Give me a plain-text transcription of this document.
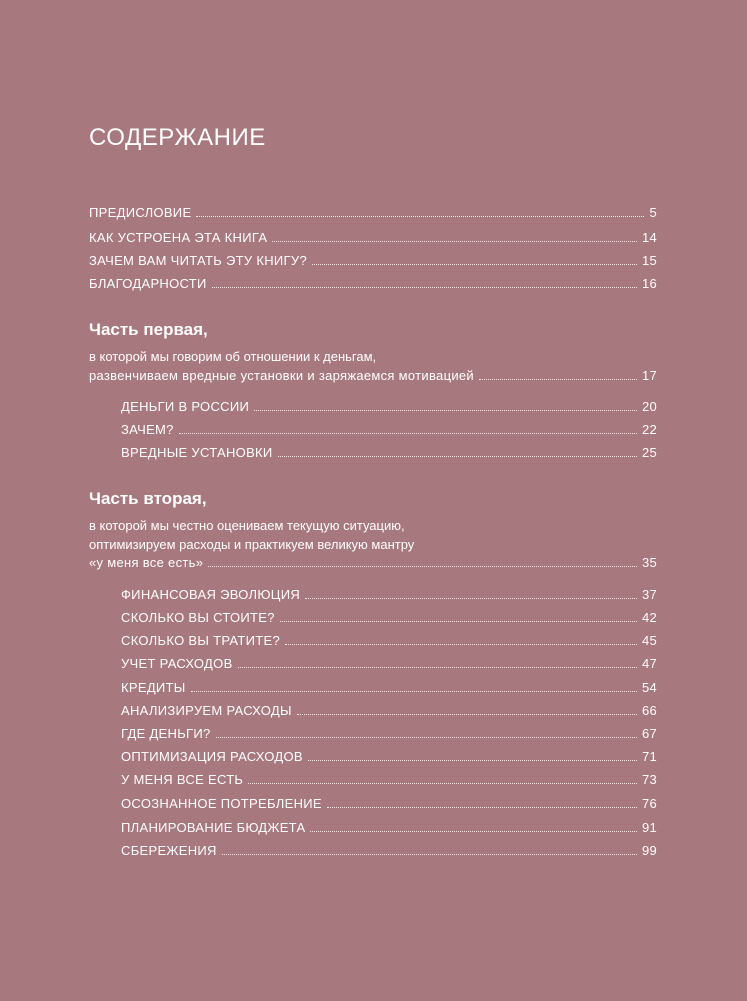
СОДЕРЖАНИЕ
ПРЕДИСЛОВИЕ	5
КАК УСТРОЕНА ЭТА КНИГА	14
ЗАЧЕМ ВАМ ЧИТАТЬ ЭТУ КНИГУ?	15
БЛАГОДАРНОСТИ	16
Часть первая,

в которой мы говорим об отношении к деньгам,

развенчиваем вредные установки и заряжаемся мотивацией	17
ДЕНЬГИ В РОССИИ	20
ЗАЧЕМ?	22
ВРЕДНЫЕ УСТАНОВКИ	25
Часть вторая,

в которой мы честно оцениваем текущую ситуацию,

оптимизируем расходы и практикуем великую мантру

«у меня все есть»	35
ФИНАНСОВАЯ ЭВОЛЮЦИЯ	37
СКОЛЬКО ВЫ СТОИТЕ?	42
СКОЛЬКО ВЫ ТРАТИТЕ?	45
УЧЕТ РАСХОДОВ	47
КРЕДИТЫ	54
АНАЛИЗИРУЕМ РАСХОДЫ	66
ГДЕ ДЕНЬГИ?	67
ОПТИМИЗАЦИЯ РАСХОДОВ	71
У МЕНЯ ВСЕ ЕСТЬ	73
ОСОЗНАННОЕ ПОТРЕБЛЕНИЕ	76
ПЛАНИРОВАНИЕ БЮДЖЕТА	91
СБЕРЕЖЕНИЯ	99
